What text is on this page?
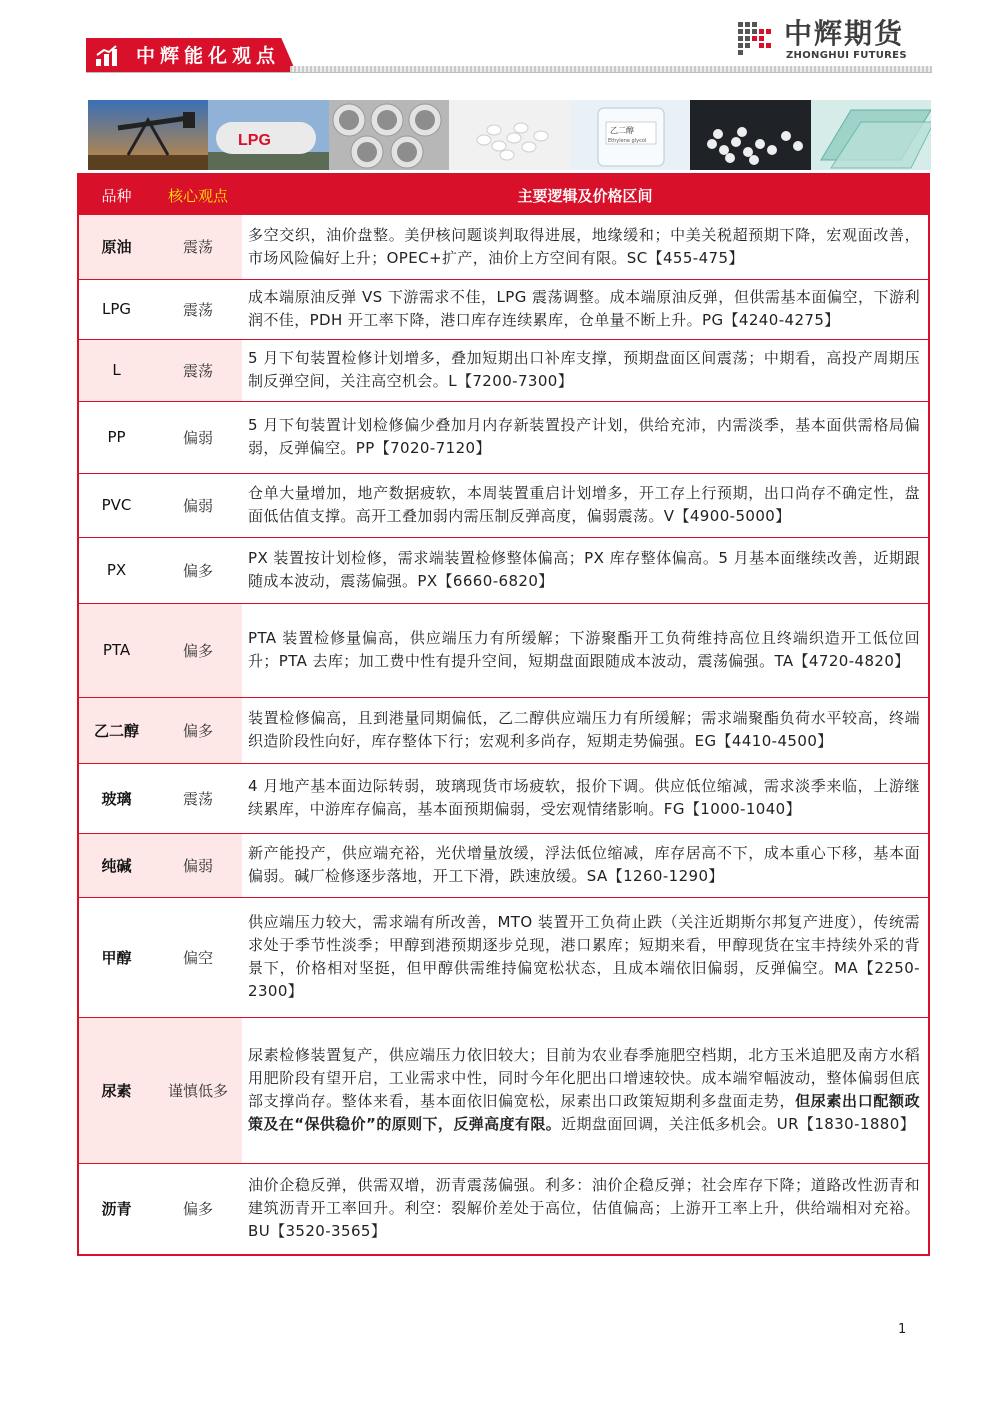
中辉能化观点
中辉期货
ZHONGHUI FUTURES
LPG
乙二醇
Ethylene glycol
品种	核心观点	主要逻辑及价格区间
原油	震荡	多空交织，油价盘整。美伊核问题谈判取得进展，地缘缓和；中美关税超预期下降，宏观面改善，市场风险偏好上升；OPEC+扩产，油价上方空间有限。SC【455-475】
LPG	震荡	成本端原油反弹 VS 下游需求不佳，LPG 震荡调整。成本端原油反弹，但供需基本面偏空，下游利润不佳，PDH 开工率下降，港口库存连续累库，仓单量不断上升。PG【4240-4275】
L	震荡	5 月下旬装置检修计划增多，叠加短期出口补库支撑，预期盘面区间震荡；中期看，高投产周期压制反弹空间，关注高空机会。L【7200-7300】
PP	偏弱	5 月下旬装置计划检修偏少叠加月内存新装置投产计划，供给充沛，内需淡季，基本面供需格局偏弱，反弹偏空。PP【7020-7120】
PVC	偏弱	仓单大量增加，地产数据疲软，本周装置重启计划增多，开工存上行预期，出口尚存不确定性，盘面低估值支撑。高开工叠加弱内需压制反弹高度，偏弱震荡。V【4900-5000】
PX	偏多	PX 装置按计划检修，需求端装置检修整体偏高；PX 库存整体偏高。5 月基本面继续改善，近期跟随成本波动，震荡偏强。PX【6660-6820】
PTA	偏多	PTA 装置检修量偏高，供应端压力有所缓解；下游聚酯开工负荷维持高位且终端织造开工低位回升；PTA 去库；加工费中性有提升空间，短期盘面跟随成本波动，震荡偏强。TA【4720-4820】
乙二醇	偏多	装置检修偏高，且到港量同期偏低，乙二醇供应端压力有所缓解；需求端聚酯负荷水平较高，终端织造阶段性向好，库存整体下行；宏观利多尚存，短期走势偏强。EG【4410-4500】
玻璃	震荡	4 月地产基本面边际转弱，玻璃现货市场疲软，报价下调。供应低位缩减，需求淡季来临，上游继续累库，中游库存偏高，基本面预期偏弱，受宏观情绪影响。FG【1000-1040】
纯碱	偏弱	新产能投产，供应端充裕，光伏增量放缓，浮法低位缩减，库存居高不下，成本重心下移，基本面偏弱。碱厂检修逐步落地，开工下滑，跌速放缓。SA【1260-1290】
甲醇	偏空	供应端压力较大，需求端有所改善，MTO 装置开工负荷止跌（关注近期斯尔邦复产进度），传统需求处于季节性淡季；甲醇到港预期逐步兑现，港口累库；短期来看，甲醇现货在宝丰持续外采的背景下，价格相对坚挺，但甲醇供需维持偏宽松状态，且成本端依旧偏弱，反弹偏空。MA【2250-2300】
尿素	谨慎低多	尿素检修装置复产，供应端压力依旧较大；目前为农业春季施肥空档期，北方玉米追肥及南方水稻用肥阶段有望开启，工业需求中性，同时今年化肥出口增速较快。成本端窄幅波动，整体偏弱但底部支撑尚存。整体来看，基本面依旧偏宽松，尿素出口政策短期利多盘面走势，但尿素出口配额政策及在“保供稳价”的原则下，反弹高度有限。近期盘面回调，关注低多机会。UR【1830-1880】
沥青	偏多	油价企稳反弹，供需双增，沥青震荡偏强。利多：油价企稳反弹；社会库存下降；道路改性沥青和建筑沥青开工率回升。利空：裂解价差处于高位，估值偏高；上游开工率上升，供给端相对充裕。BU【3520-3565】
1
